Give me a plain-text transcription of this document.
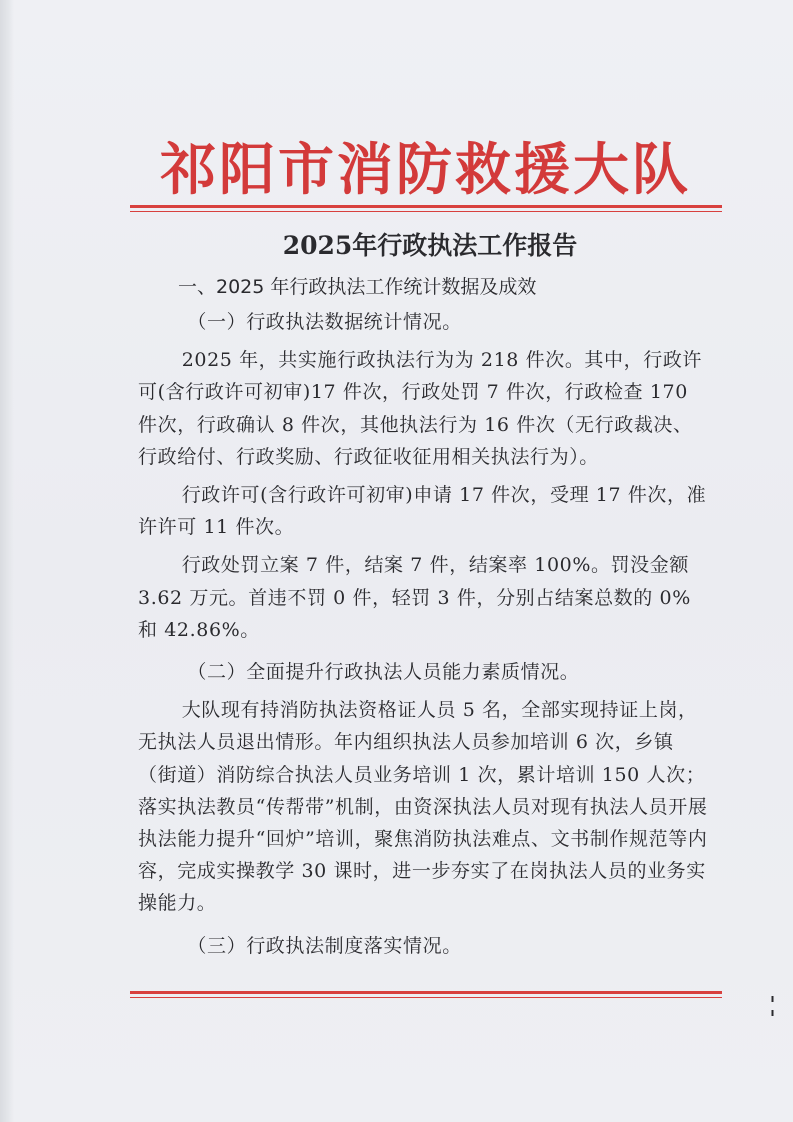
祁阳市消防救援大队
2025年行政执法工作报告
一、2025 年行政执法工作统计数据及成效

（一）行政执法数据统计情况。

2025 年，共实施行政执法行为为 218 件次。其中，行政许可(含行政许可初审)17 件次，行政处罚 7 件次，行政检查 170 件次，行政确认 8 件次，其他执法行为 16 件次（无行政裁决、行政给付、行政奖励、行政征收征用相关执法行为）。

行政许可(含行政许可初审)申请 17 件次，受理 17 件次，准许许可 11 件次。

行政处罚立案 7 件，结案 7 件，结案率 100%。罚没金额 3.62 万元。首违不罚 0 件，轻罚 3 件，分别占结案总数的 0%和 42.86%。

（二）全面提升行政执法人员能力素质情况。

大队现有持消防执法资格证人员 5 名，全部实现持证上岗，无执法人员退出情形。年内组织执法人员参加培训 6 次，乡镇（街道）消防综合执法人员业务培训 1 次，累计培训 150 人次；落实执法教员“传帮带”机制，由资深执法人员对现有执法人员开展执法能力提升“回炉”培训，聚焦消防执法难点、文书制作规范等内容，完成实操教学 30 课时，进一步夯实了在岗执法人员的业务实操能力。

（三）行政执法制度落实情况。
